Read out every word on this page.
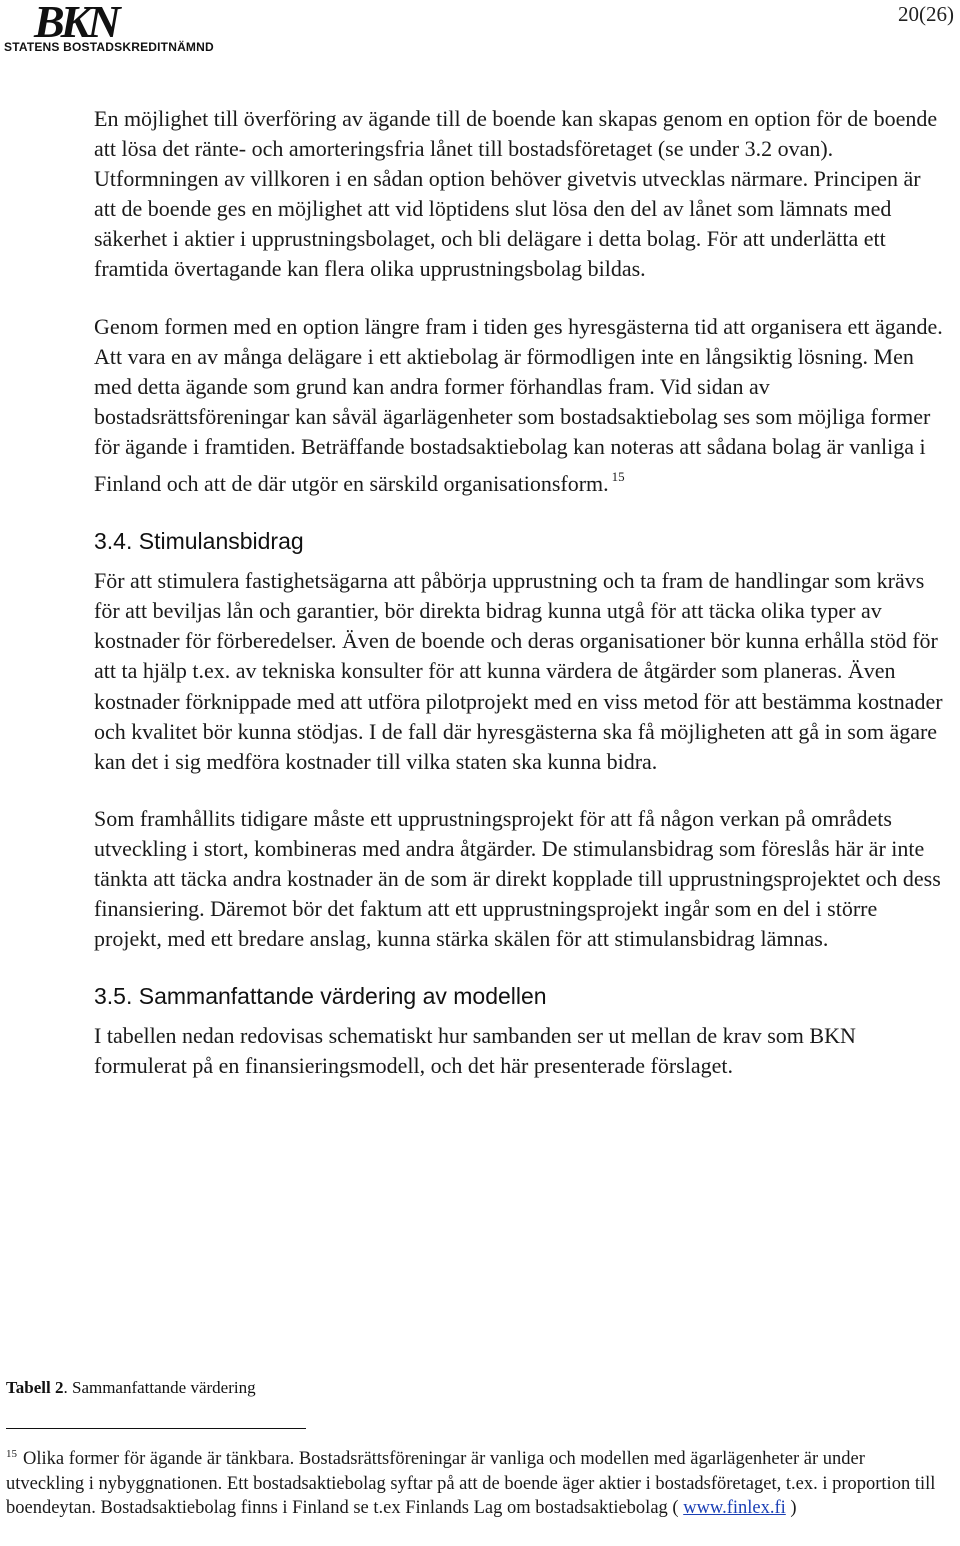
BKN
STATENS BOSTADSKREDITNÄMND
20(26)

En möjlighet till överföring av ägande till de boende kan skapas genom en option för de boende att lösa det ränte- och amorteringsfria lånet till bostadsföretaget (se under 3.2 ovan). Utformningen av villkoren i en sådan option behöver givetvis utvecklas närmare. Principen är att de boende ges en möjlighet att vid löptidens slut lösa den del av lånet som lämnats med säkerhet i aktier i upprustningsbolaget, och bli delägare i detta bolag. För att underlätta ett framtida övertagande kan flera olika upprustningsbolag bildas.

Genom formen med en option längre fram i tiden ges hyresgästerna tid att organisera ett ägande. Att vara en av många delägare i ett aktiebolag är förmodligen inte en långsiktig lösning. Men med detta ägande som grund kan andra former förhandlas fram. Vid sidan av bostadsrättsföreningar kan såväl ägarlägenheter som bostadsaktiebolag ses som möjliga former för ägande i framtiden. Beträffande bostadsaktiebolag kan noteras att sådana bolag är vanliga i Finland och att de där utgör en särskild organisationsform. $^{15}$

3.4. Stimulansbidrag

För att stimulera fastighetsägarna att påbörja upprustning och ta fram de handlingar som krävs för att beviljas lån och garantier, bör direkta bidrag kunna utgå för att täcka olika typer av kostnader för förberedelser. Även de boende och deras organisationer bör kunna erhålla stöd för att ta hjälp t.ex. av tekniska konsulter för att kunna värdera de åtgärder som planeras. Även kostnader förknippade med att utföra pilotprojekt med en viss metod för att bestämma kostnader och kvalitet bör kunna stödjas. I de fall där hyresgästerna ska få möjligheten att gå in som ägare kan det i sig medföra kostnader till vilka staten ska kunna bidra.

Som framhållits tidigare måste ett upprustningsprojekt för att få någon verkan på områdets utveckling i stort, kombineras med andra åtgärder. De stimulansbidrag som föreslås här är inte tänkta att täcka andra kostnader än de som är direkt kopplade till upprustningsprojektet och dess finansiering. Däremot bör det faktum att ett upprustningsprojekt ingår som en del i större projekt, med ett bredare anslag, kunna stärka skälen för att stimulansbidrag lämnas.

3.5. Sammanfattande värdering av modellen

I tabellen nedan redovisas schematiskt hur sambanden ser ut mellan de krav som BKN formulerat på en finansieringsmodell, och det här presenterade förslaget.

Tabell 2. Sammanfattande värdering
$^{15}$ Olika former för ägande är tänkbara. Bostadsrättsföreningar är vanliga och modellen med ägarlägenheter är under utveckling i nybyggnationen. Ett bostadsaktiebolag syftar på att de boende äger aktier i bostadsföretaget, t.ex. i proportion till boendeytan. Bostadsaktiebolag finns i Finland se t.ex Finlands Lag om bostadsaktiebolag ( www.finlex.fi )
